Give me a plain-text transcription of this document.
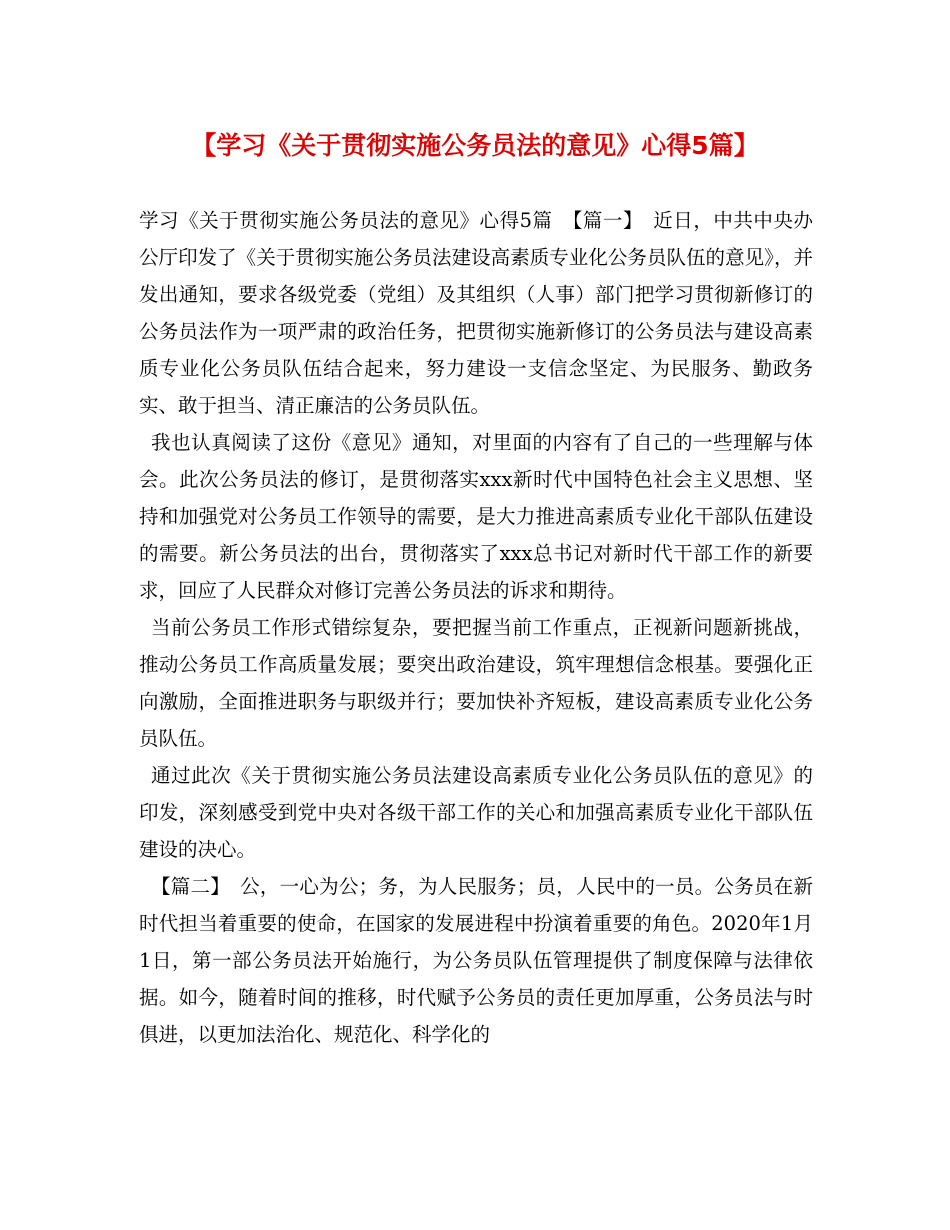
【学习《关于贯彻实施公务员法的意见》心得5篇】

学习《关于贯彻实施公务员法的意见》心得5篇　【篇一】　近日，中共中央办公厅印发了《关于贯彻实施公务员法建设高素质专业化公务员队伍的意见》，并发出通知，要求各级党委（党组）及其组织（人事）部门把学习贯彻新修订的公务员法作为一项严肃的政治任务，把贯彻实施新修订的公务员法与建设高素质专业化公务员队伍结合起来，努力建设一支信念坚定、为民服务、勤政务实、敢于担当、清正廉洁的公务员队伍。

我也认真阅读了这份《意见》通知，对里面的内容有了自己的一些理解与体会。此次公务员法的修订，是贯彻落实xxx新时代中国特色社会主义思想、坚持和加强党对公务员工作领导的需要，是大力推进高素质专业化干部队伍建设的需要。新公务员法的出台，贯彻落实了xxx总书记对新时代干部工作的新要求，回应了人民群众对修订完善公务员法的诉求和期待。

当前公务员工作形式错综复杂，要把握当前工作重点，正视新问题新挑战，推动公务员工作高质量发展；要突出政治建设，筑牢理想信念根基。要强化正向激励，全面推进职务与职级并行；要加快补齐短板，建设高素质专业化公务员队伍。

通过此次《关于贯彻实施公务员法建设高素质专业化公务员队伍的意见》的印发，深刻感受到党中央对各级干部工作的关心和加强高素质专业化干部队伍建设的决心。

【篇二】　公，一心为公；务，为人民服务；员，人民中的一员。公务员在新时代担当着重要的使命，在国家的发展进程中扮演着重要的角色。2020年1月1日，第一部公务员法开始施行，为公务员队伍管理提供了制度保障与法律依据。如今，随着时间的推移，时代赋予公务员的责任更加厚重，公务员法与时俱进，以更加法治化、规范化、科学化的
